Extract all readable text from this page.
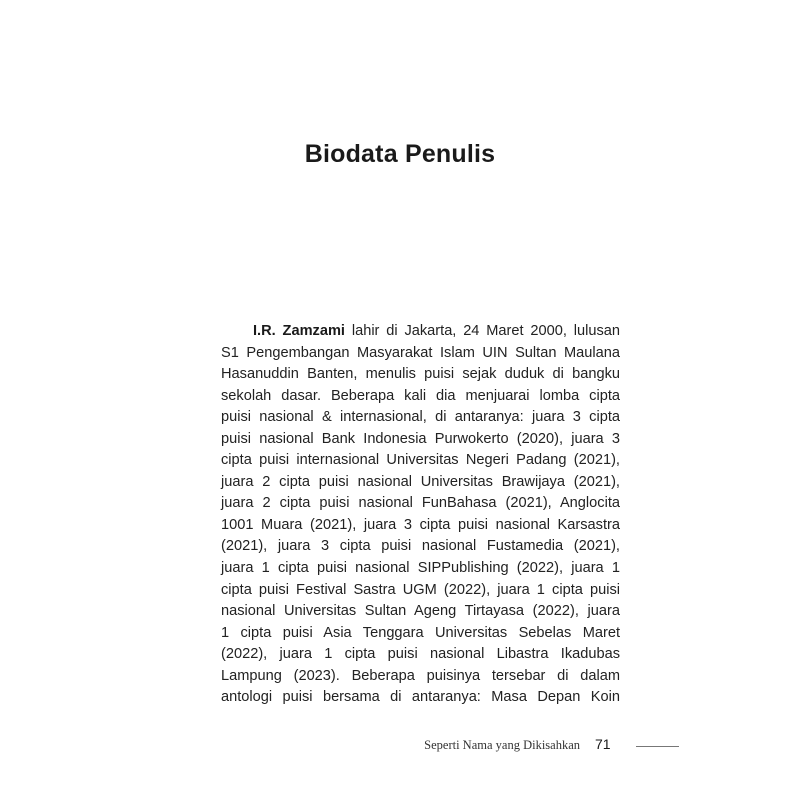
Biodata Penulis
I.R. Zamzami lahir di Jakarta, 24 Maret 2000, lulusan
S1 Pengembangan Masyarakat Islam UIN Sultan Maulana
Hasanuddin Banten, menulis puisi sejak duduk di bangku
sekolah dasar. Beberapa kali dia menjuarai lomba cipta
puisi nasional & internasional, di antaranya: juara 3 cipta
puisi nasional Bank Indonesia Purwokerto (2020), juara 3
cipta puisi internasional Universitas Negeri Padang (2021),
juara 2 cipta puisi nasional Universitas Brawijaya (2021),
juara 2 cipta puisi nasional FunBahasa (2021), Anglocita
1001 Muara (2021), juara 3 cipta puisi nasional Karsastra
(2021), juara 3 cipta puisi nasional Fustamedia (2021),
juara 1 cipta puisi nasional SIPPublishing (2022), juara 1
cipta puisi Festival Sastra UGM (2022), juara 1 cipta puisi
nasional Universitas Sultan Ageng Tirtayasa (2022), juara
1 cipta puisi Asia Tenggara Universitas Sebelas Maret
(2022), juara 1 cipta puisi nasional Libastra Ikadubas
Lampung (2023). Beberapa puisinya tersebar di dalam
antologi puisi bersama di antaranya: Masa Depan Koin
Seperti Nama yang Dikisahkan 71
